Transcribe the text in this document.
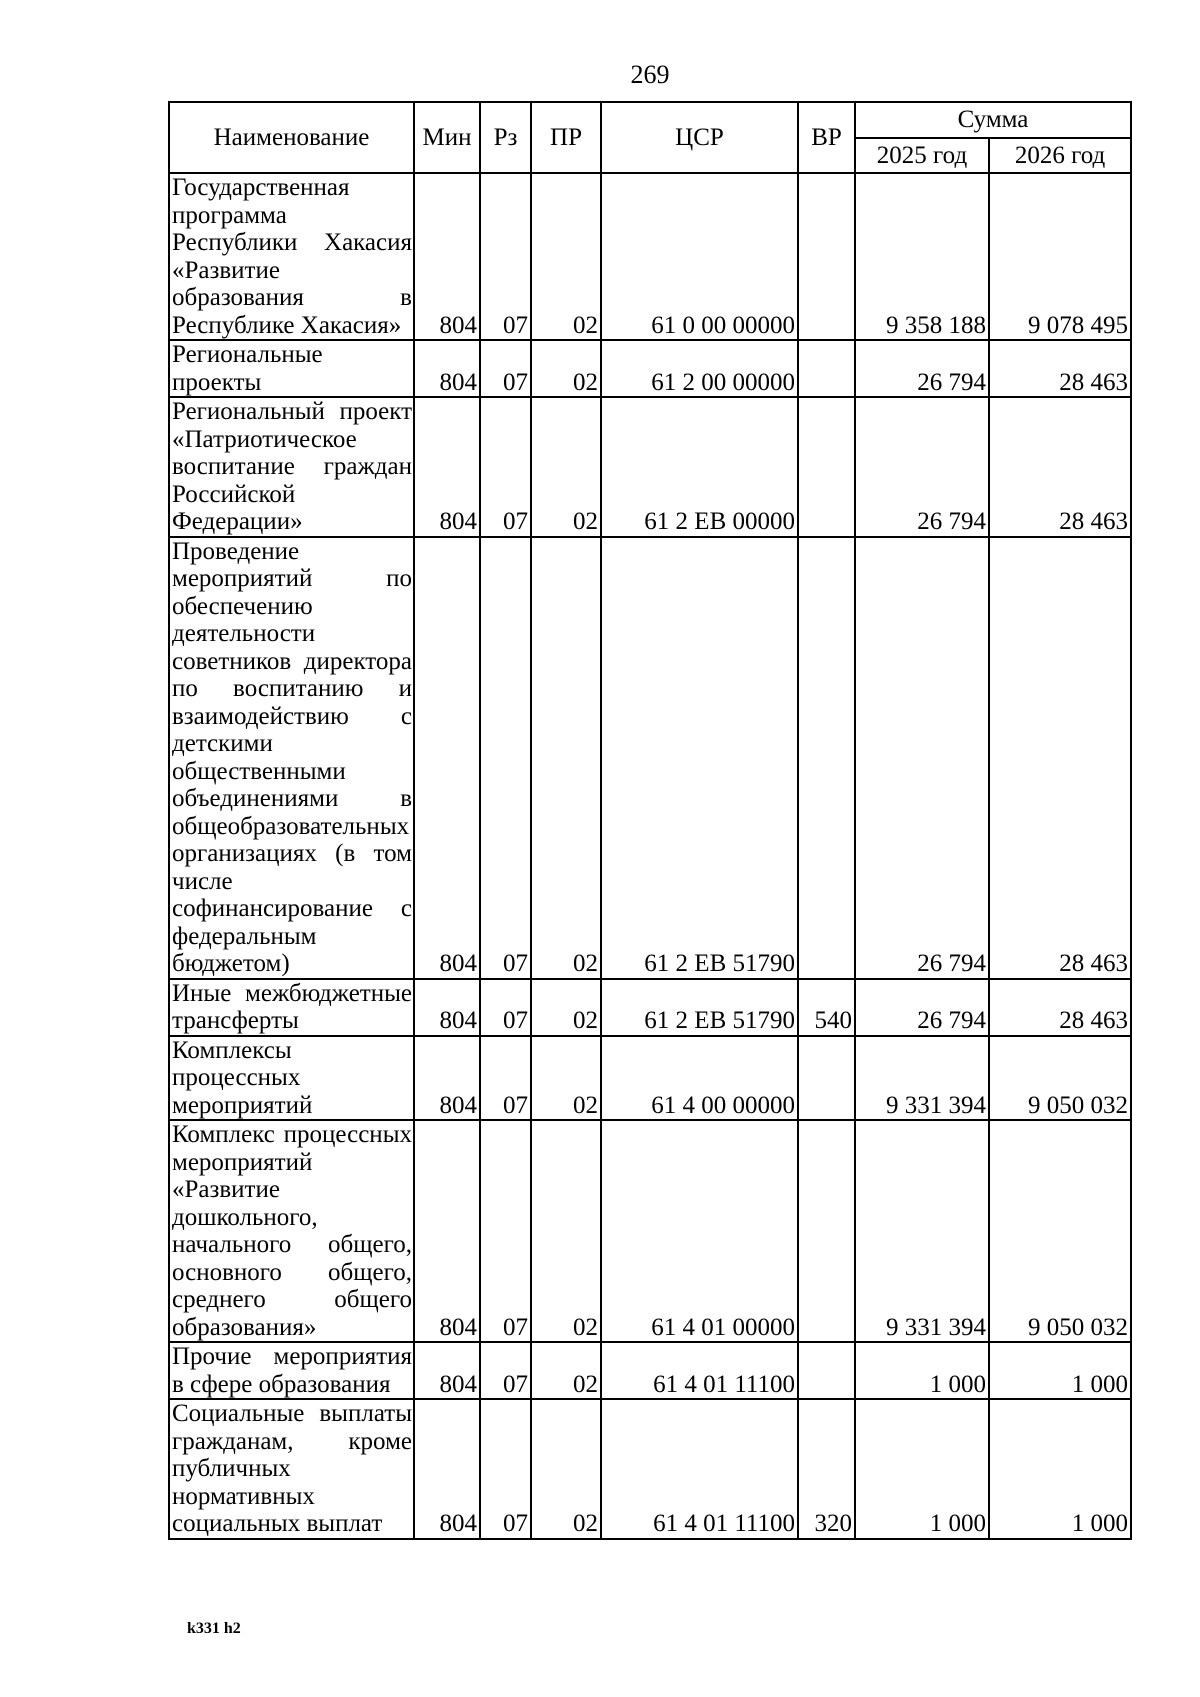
269
Наименование	Мин	Рз	ПР	ЦСР	ВР	Сумма	
						2025 год	2026 год
Государственная программа Республики Хакасия «Развитие образования в Республике Хакасия»	804	07	02	61 0 00 00000		9 358 188	9 078 495
Региональные проекты	804	07	02	61 2 00 00000		26 794	28 463
Региональный проект «Патриотическое воспитание граждан Российской Федерации»	804	07	02	61 2 ЕВ 00000		26 794	28 463
Проведение мероприятий по обеспечению деятельности советников директора по воспитанию и взаимодействию с детскими общественными объединениями в общеобразовательных организациях (в том числе софинансирование с федеральным бюджетом)	804	07	02	61 2 ЕВ 51790		26 794	28 463
Иные межбюджетные трансферты	804	07	02	61 2 ЕВ 51790	540	26 794	28 463
Комплексы процессных мероприятий	804	07	02	61 4 00 00000		9 331 394	9 050 032
Комплекс процессных мероприятий «Развитие дошкольного, начального общего, основного общего, среднего общего образования»	804	07	02	61 4 01 00000		9 331 394	9 050 032
Прочие мероприятия в сфере образования	804	07	02	61 4 01 11100		1 000	1 000
Социальные выплаты гражданам, кроме публичных нормативных социальных выплат	804	07	02	61 4 01 11100	320	1 000	1 000
k331 h2
